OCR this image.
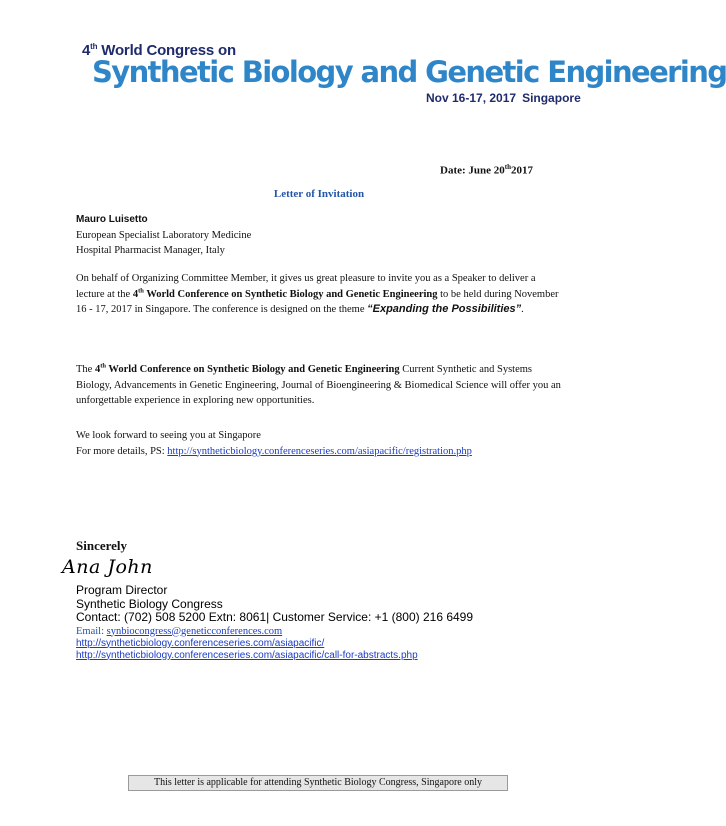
4th World Congress on
Synthetic Biology and Genetic Engineering
Nov 16-17, 2017 Singapore
Date: June 20th2017
Letter of Invitation
Mauro Luisetto
European Specialist Laboratory Medicine
Hospital Pharmacist Manager, Italy
On behalf of Organizing Committee Member, it gives us great pleasure to invite you as a Speaker to deliver a lecture at the 4th World Conference on Synthetic Biology and Genetic Engineering to be held during November 16 - 17, 2017 in Singapore. The conference is designed on the theme “Expanding the Possibilities”.
The 4th World Conference on Synthetic Biology and Genetic Engineering Current Synthetic and Systems Biology, Advancements in Genetic Engineering, Journal of Bioengineering & Biomedical Science will offer you an unforgettable experience in exploring new opportunities.
We look forward to seeing you at Singapore
For more details, PS: http://syntheticbiology.conferenceseries.com/asiapacific/registration.php
Sincerely
Ana John
Program Director
Synthetic Biology Congress
Contact: (702) 508 5200 Extn: 8061| Customer Service: +1 (800) 216 6499
Email: synbiocongress@geneticconferences.com
http://syntheticbiology.conferenceseries.com/asiapacific/
http://syntheticbiology.conferenceseries.com/asiapacific/call-for-abstracts.php
This letter is applicable for attending Synthetic Biology Congress, Singapore only
